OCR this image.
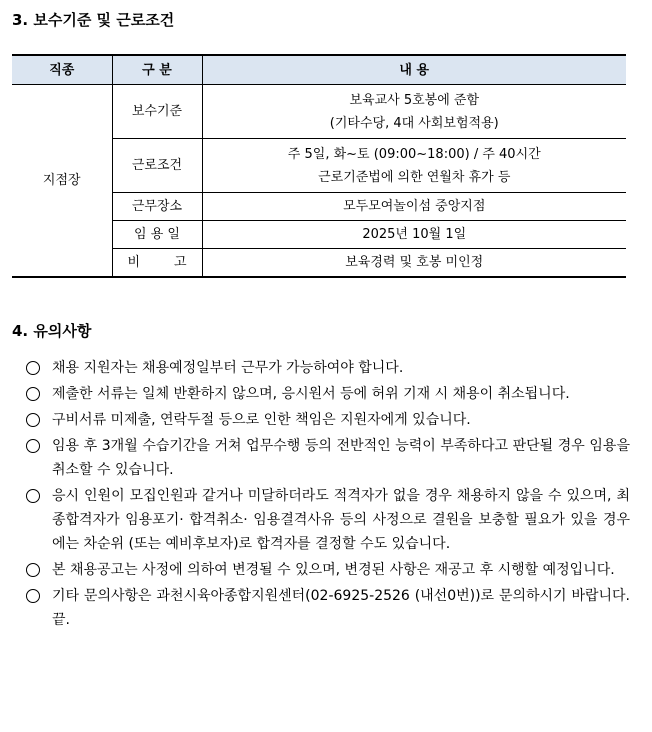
3. 보수기준 및 근로조건
직종	구 분	내 용
지점장	보수기준	보육교사 5호봉에 준함
(기타수당, 4대 사회보험적용)

	근로조건	주 5일, 화~토 (09:00~18:00) / 주 40시간
근로기준법에 의한 연월차 휴가 등

	근무장소	모두모여놀이섬 중앙지점
	임 용 일	2025년 10월 1일
	비 고	보육경력 및 호봉 미인정
4. 유의사항
채용 지원자는 채용예정일부터 근무가 가능하여야 합니다.
제출한 서류는 일체 반환하지 않으며, 응시원서 등에 허위 기재 시 채용이 취소됩니다.
구비서류 미제출, 연락두절 등으로 인한 책임은 지원자에게 있습니다.
임용 후 3개월 수습기간을 거쳐 업무수행 등의 전반적인 능력이 부족하다고 판단될 경우 임용을 취소할 수 있습니다.
응시 인원이 모집인원과 같거나 미달하더라도 적격자가 없을 경우 채용하지 않을 수 있으며, 최종합격자가 임용포기· 합격취소· 임용결격사유 등의 사정으로 결원을 보충할 필요가 있을 경우에는 차순위 (또는 예비후보자)로 합격자를 결정할 수도 있습니다.
본 채용공고는 사정에 의하여 변경될 수 있으며, 변경된 사항은 재공고 후 시행할 예정입니다.
기타 문의사항은 과천시육아종합지원센터(02-6925-2526 (내선0번))로 문의하시기 바랍니다. 끝.
